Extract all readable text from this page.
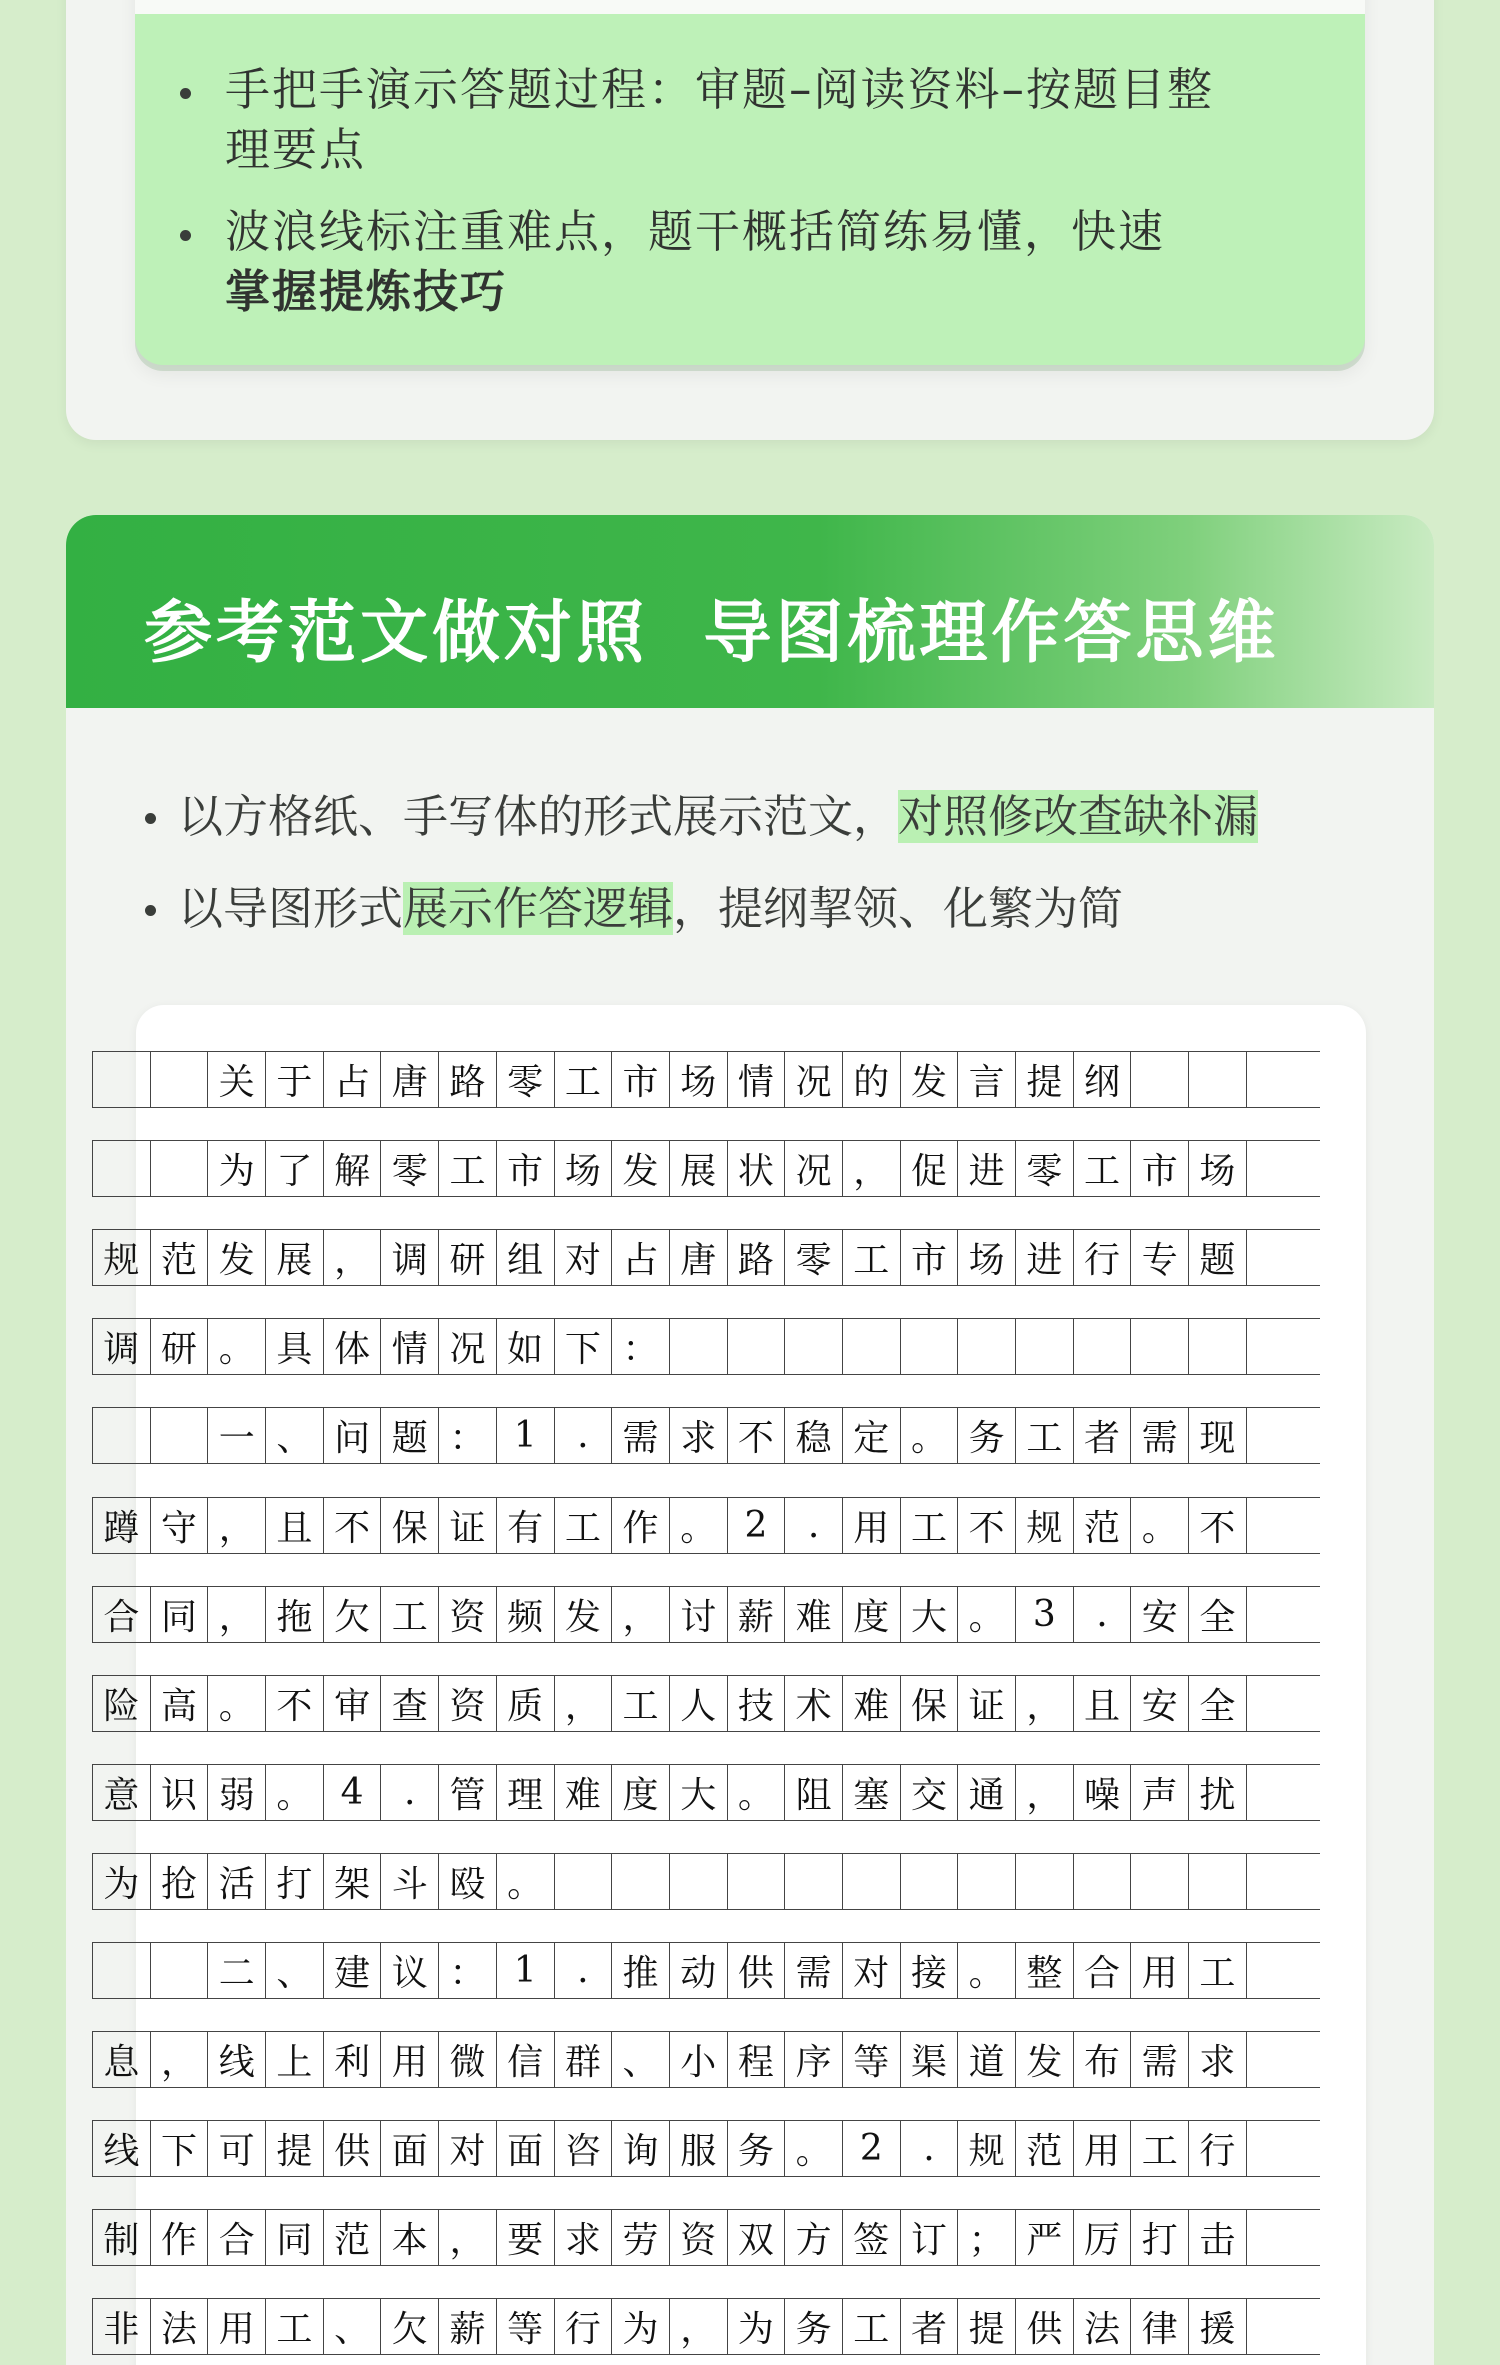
手把手演示答题过程：审题–阅读资料–按题目整
理要点
波浪线标注重难点，题干概括简练易懂，快速
掌握提炼技巧
参考范文做对照  导图梳理作答思维
以方格纸、手写体的形式展示范文，对照修改查缺补漏
以导图形式展示作答逻辑，提纲挈领、化繁为简
关 于 占 唐 路 零 工 市 场 情 况 的 发 言 提 纲
为 了 解 零 工 市 场 发 展 状 况 ， 促 进 零 工 市 场
规 范 发 展 ， 调 研 组 对 占 唐 路 零 工 市 场 进 行 专 题
调 研 。 具 体 情 况 如 下 ：
一 、 问 题 ： 1	. 需 求 不 稳 定 。 务 工 者 需 现
蹲 守 ， 且 不 保 证 有 工 作 。 2	. 用 工 不 规 范 。 不
合 同 ， 拖 欠 工 资 频 发 ， 讨 薪 难 度 大 。 3	. 安 全
险 高 。 不 审 查 资 质 ， 工 人 技 术 难 保 证 ， 且 安 全
意 识 弱 。 4	. 管 理 难 度 大 。 阻 塞 交 通 ， 噪 声 扰
为 抢 活 打 架 斗 殴 。
二 、 建 议 ： 1	. 推 动 供 需 对 接 。 整 合 用 工
息 ， 线 上 利 用 微 信 群 、 小 程 序 等 渠 道 发 布 需 求
线 下 可 提 供 面 对 面 咨 询 服 务 。 2	. 规 范 用 工 行
制 作 合 同 范 本 ， 要 求 劳 资 双 方 签 订 ； 严 厉 打 击
非 法 用 工 、 欠 薪 等 行 为 ， 为 务 工 者 提 供 法 律 援
